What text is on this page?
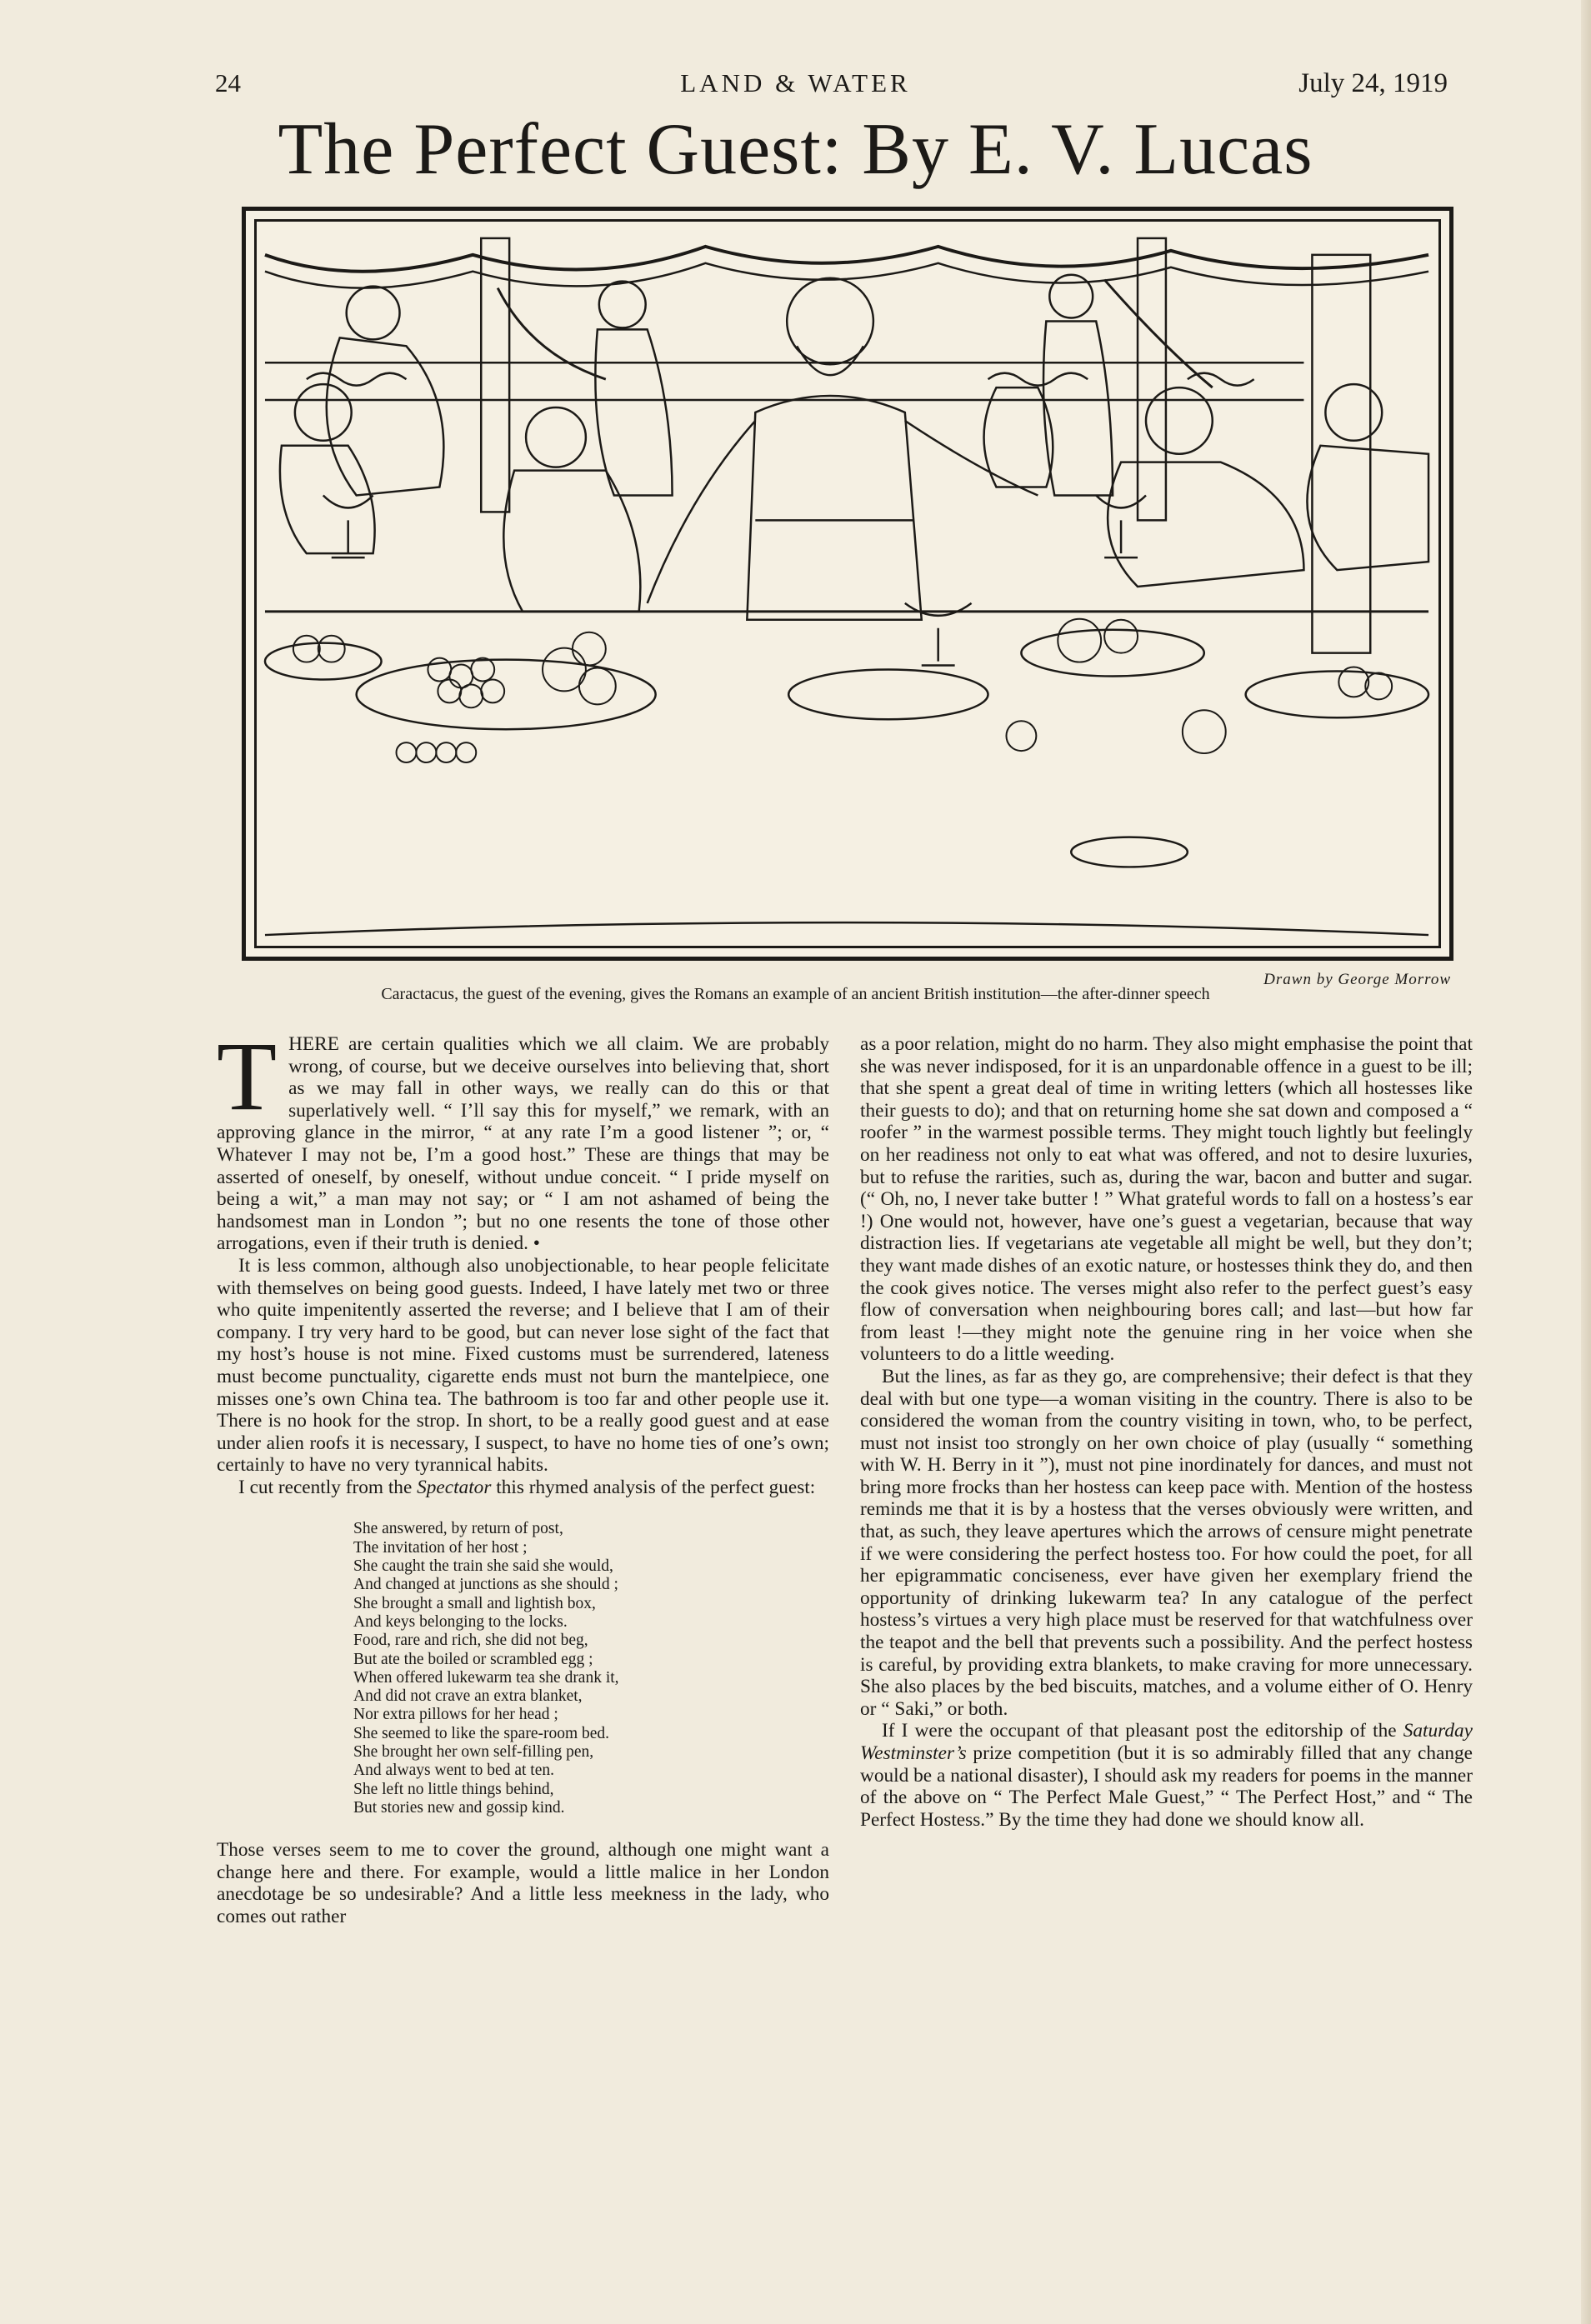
24	LAND & WATER	July 24, 1919
The Perfect Guest: By E. V. Lucas
Drawn by George Morrow
Caractacus, the guest of the evening, gives the Romans an example of an ancient British institution—the after-dinner speech

THERE are certain qualities which we all claim. We are probably wrong, of course, but we deceive ourselves into believing that, short as we may fall in other ways, we really can do this or that superlatively well. “ I’ll say this for myself,” we remark, with an approving glance in the mirror, “ at any rate I’m a good listener ”; or, “ Whatever I may not be, I’m a good host.” These are things that may be asserted of oneself, by oneself, without undue conceit. “ I pride myself on being a wit,” a man may not say; or “ I am not ashamed of being the handsomest man in London ”; but no one resents the tone of those other arrogations, even if their truth is denied. •

It is less common, although also unobjectionable, to hear people felicitate with themselves on being good guests. Indeed, I have lately met two or three who quite impenitently asserted the reverse; and I believe that I am of their company. I try very hard to be good, but can never lose sight of the fact that my host’s house is not mine. Fixed customs must be surrendered, lateness must become punctuality, cigarette ends must not burn the mantelpiece, one misses one’s own China tea. The bathroom is too far and other people use it. There is no hook for the strop. In short, to be a really good guest and at ease under alien roofs it is necessary, I suspect, to have no home ties of one’s own; certainly to have no very tyrannical habits.

I cut recently from the Spectator this rhymed analysis of the perfect guest:

She answered, by return of post,
The invitation of her host ;
She caught the train she said she would,
And changed at junctions as she should ;
She brought a small and lightish box,
And keys belonging to the locks.
Food, rare and rich, she did not beg,
But ate the boiled or scrambled egg ;
When offered lukewarm tea she drank it,
And did not crave an extra blanket,
Nor extra pillows for her head ;
She seemed to like the spare-room bed.
She brought her own self-filling pen,
And always went to bed at ten.
She left no little things behind,
But stories new and gossip kind.

Those verses seem to me to cover the ground, although one might want a change here and there. For example, would a little malice in her London anecdotage be so undesirable? And a little less meekness in the lady, who comes out rather

as a poor relation, might do no harm. They also might emphasise the point that she was never indisposed, for it is an unpardonable offence in a guest to be ill; that she spent a great deal of time in writing letters (which all hostesses like their guests to do); and that on returning home she sat down and composed a “ roofer ” in the warmest possible terms. They might touch lightly but feelingly on her readiness not only to eat what was offered, and not to desire luxuries, but to refuse the rarities, such as, during the war, bacon and butter and sugar. (“ Oh, no, I never take butter ! ” What grateful words to fall on a hostess’s ear !) One would not, however, have one’s guest a vegetarian, because that way distraction lies. If vegetarians ate vegetable all might be well, but they don’t; they want made dishes of an exotic nature, or hostesses think they do, and then the cook gives notice. The verses might also refer to the perfect guest’s easy flow of conversation when neighbouring bores call; and last—but how far from least !—they might note the genuine ring in her voice when she volunteers to do a little weeding.

But the lines, as far as they go, are comprehensive; their defect is that they deal with but one type—a woman visiting in the country. There is also to be considered the woman from the country visiting in town, who, to be perfect, must not insist too strongly on her own choice of play (usually “ something with W. H. Berry in it ”), must not pine inordinately for dances, and must not bring more frocks than her hostess can keep pace with. Mention of the hostess reminds me that it is by a hostess that the verses obviously were written, and that, as such, they leave apertures which the arrows of censure might penetrate if we were considering the perfect hostess too. For how could the poet, for all her epigrammatic conciseness, ever have given her exemplary friend the opportunity of drinking lukewarm tea? In any catalogue of the perfect hostess’s virtues a very high place must be reserved for that watchfulness over the teapot and the bell that prevents such a possibility. And the perfect hostess is careful, by providing extra blankets, to make craving for more unnecessary. She also places by the bed biscuits, matches, and a volume either of O. Henry or “ Saki,” or both.

If I were the occupant of that pleasant post the editorship of the Saturday Westminster’s prize competition (but it is so admirably filled that any change would be a national disaster), I should ask my readers for poems in the manner of the above on “ The Perfect Male Guest,” “ The Perfect Host,” and “ The Perfect Hostess.” By the time they had done we should know all.
